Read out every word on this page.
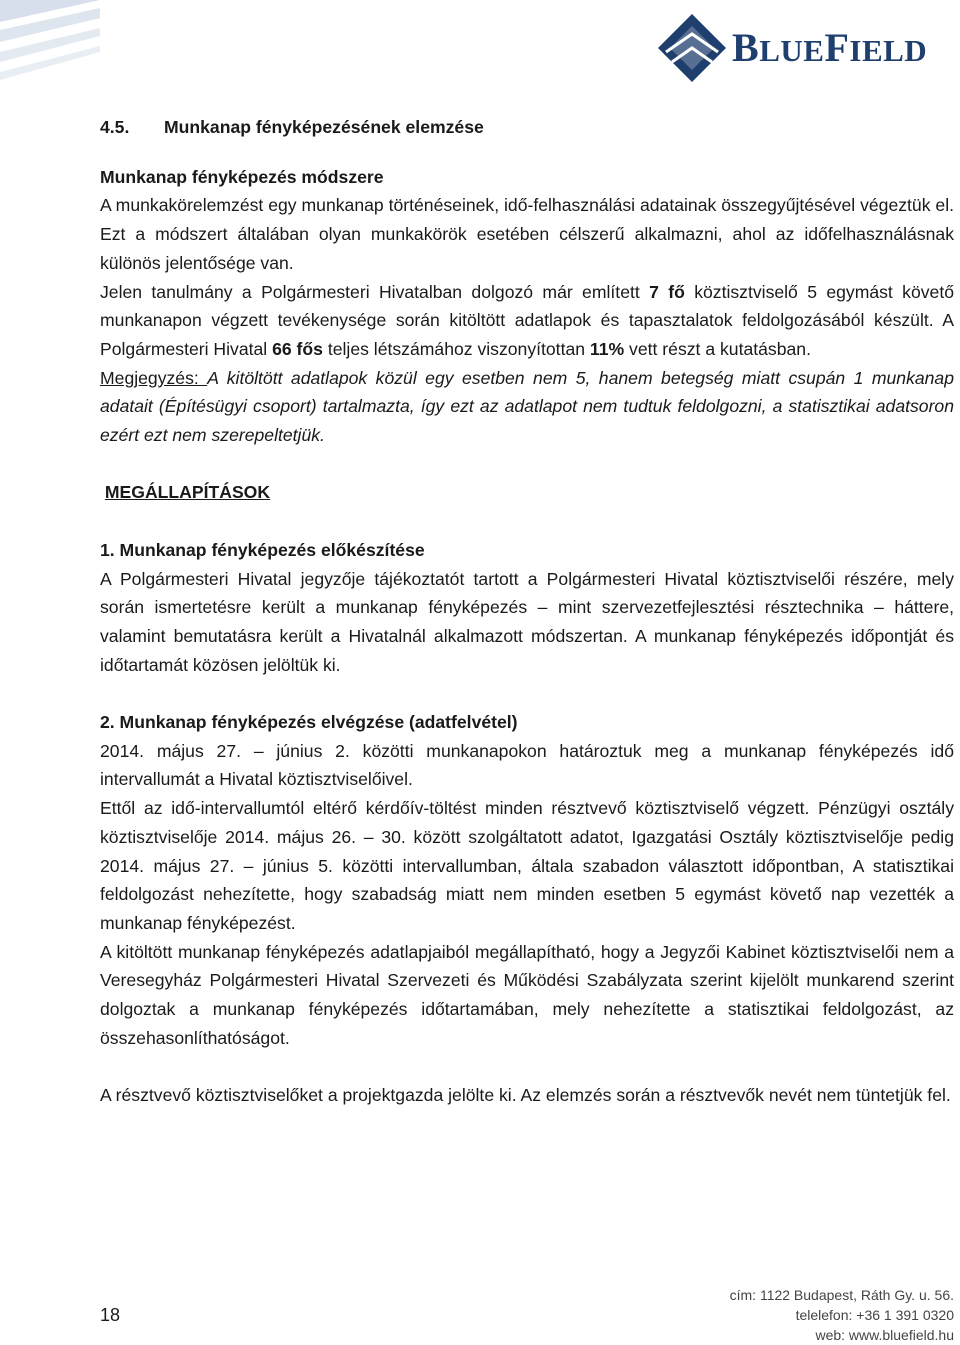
BLUEFIELD

4.5. Munkanap fényképezésének elemzése

Munkanap fényképezés módszere

A munkakörelemzést egy munkanap történéseinek, idő-felhasználási adatainak összegyűjtésével végeztük el. Ezt a módszert általában olyan munkakörök esetében célszerű alkalmazni, ahol az időfelhasználásnak különös jelentősége van.

Jelen tanulmány a Polgármesteri Hivatalban dolgozó már említett 7 fő köztisztviselő 5 egymást követő munkanapon végzett tevékenysége során kitöltött adatlapok és tapasztalatok feldolgozásából készült. A Polgármesteri Hivatal 66 fős teljes létszámához viszonyítottan 11% vett részt a kutatásban.

Megjegyzés: A kitöltött adatlapok közül egy esetben nem 5, hanem betegség miatt csupán 1 munkanap adatait (Építésügyi csoport) tartalmazta, így ezt az adatlapot nem tudtuk feldolgozni, a statisztikai adatsoron ezért ezt nem szerepeltetjük.

MEGÁLLAPÍTÁSOK

1. Munkanap fényképezés előkészítése

A Polgármesteri Hivatal jegyzője tájékoztatót tartott a Polgármesteri Hivatal köztisztviselői részére, mely során ismertetésre került a munkanap fényképezés – mint szervezetfejlesztési résztechnika – háttere, valamint bemutatásra került a Hivatalnál alkalmazott módszertan. A munkanap fényképezés időpontját és időtartamát közösen jelöltük ki.

2. Munkanap fényképezés elvégzése (adatfelvétel)

2014. május 27. – június 2. közötti munkanapokon határoztuk meg a munkanap fényképezés idő intervallumát a Hivatal köztisztviselőivel.

Ettől az idő-intervallumtól eltérő kérdőív-töltést minden résztvevő köztisztviselő végzett. Pénzügyi osztály köztisztviselője 2014. május 26. – 30. között szolgáltatott adatot, Igazgatási Osztály köztisztviselője pedig 2014. május 27. – június 5. közötti intervallumban, általa szabadon választott időpontban, A statisztikai feldolgozást nehezítette, hogy szabadság miatt nem minden esetben 5 egymást követő nap vezették a munkanap fényképezést.

A kitöltött munkanap fényképezés adatlapjaiból megállapítható, hogy a Jegyzői Kabinet köztisztviselői nem a Veresegyház Polgármesteri Hivatal Szervezeti és Működési Szabályzata szerint kijelölt munkarend szerint dolgoztak a munkanap fényképezés időtartamában, mely nehezítette a statisztikai feldolgozást, az összehasonlíthatóságot.

A résztvevő köztisztviselőket a projektgazda jelölte ki. Az elemzés során a résztvevők nevét nem tüntetjük fel.

18
cím: 1122 Budapest, Ráth Gy. u. 56.
telelefon: +36 1 391 0320
web: www.bluefield.hu
